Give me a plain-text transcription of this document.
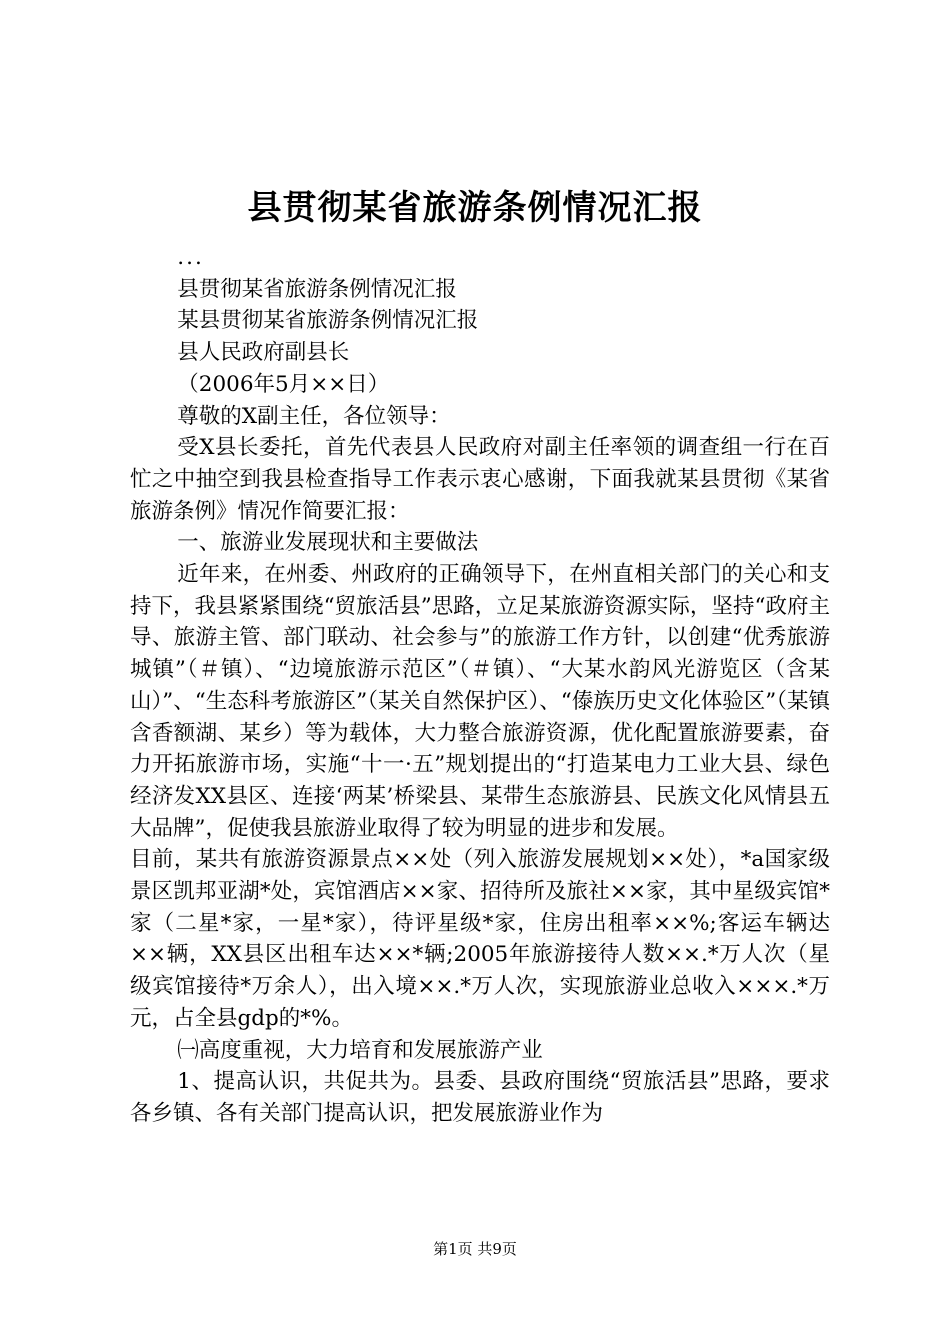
县贯彻某省旅游条例情况汇报

...

县贯彻某省旅游条例情况汇报

某县贯彻某省旅游条例情况汇报

县人民政府副县长

（2006年5月××日）

尊敬的X副主任，各位领导：

受X县长委托，首先代表县人民政府对副主任率领的调查组一行在百忙之中抽空到我县检查指导工作表示衷心感谢，下面我就某县贯彻《某省旅游条例》情况作简要汇报：

一、旅游业发展现状和主要做法

近年来，在州委、州政府的正确领导下，在州直相关部门的关心和支持下，我县紧紧围绕“贸旅活县”思路，立足某旅游资源实际，坚持“政府主导、旅游主管、部门联动、社会参与”的旅游工作方针，以创建“优秀旅游城镇”（＃镇）、“边境旅游示范区”（＃镇）、“大某水韵风光游览区（含某山）”、“生态科考旅游区”（某关自然保护区）、“傣族历史文化体验区”（某镇含香额湖、某乡）等为载体，大力整合旅游资源，优化配置旅游要素，奋力开拓旅游市场，实施“十一·五”规划提出的“打造某电力工业大县、绿色经济发XX县区、连接‘两某’桥梁县、某带生态旅游县、民族文化风情县五大品牌”，促使我县旅游业取得了较为明显的进步和发展。

目前，某共有旅游资源景点××处（列入旅游发展规划××处），*a国家级景区凯邦亚湖*处，宾馆酒店××家、招待所及旅社××家，其中星级宾馆*家（二星*家，一星*家），待评星级*家，住房出租率××%;客运车辆达××辆，XX县区出租车达××*辆;2005年旅游接待人数××.*万人次（星级宾馆接待*万余人），出入境××.*万人次，实现旅游业总收入×××.*万元，占全县gdp的*%。

㈠高度重视，大力培育和发展旅游产业

1、提高认识，共促共为。县委、县政府围绕“贸旅活县”思路，要求各乡镇、各有关部门提高认识，把发展旅游业作为

第1页 共9页
